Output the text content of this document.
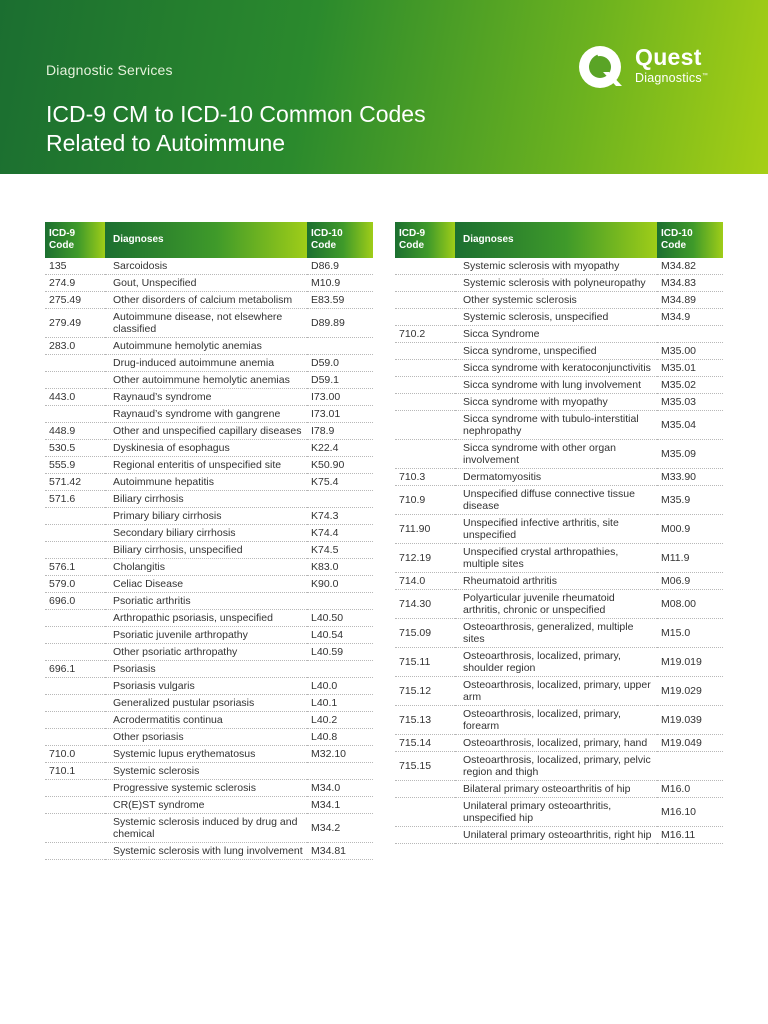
Diagnostic Services
ICD-9 CM to ICD-10 Common Codes
Related to Autoimmune
Quest
Diagnostics™
ICD-9
Code	Diagnoses	ICD-10
Code
135	Sarcoidosis	D86.9
274.9	Gout, Unspecified	M10.9
275.49	Other disorders of calcium metabolism	E83.59
279.49	Autoimmune disease, not elsewhere classified	D89.89
283.0	Autoimmune hemolytic anemias	
	Drug-induced autoimmune anemia	D59.0
	Other autoimmune hemolytic anemias	D59.1
443.0	Raynaud’s syndrome	I73.00
	Raynaud’s syndrome with gangrene	I73.01
448.9	Other and unspecified capillary diseases	I78.9
530.5	Dyskinesia of esophagus	K22.4
555.9	Regional enteritis of unspecified site	K50.90
571.42	Autoimmune hepatitis	K75.4
571.6	Biliary cirrhosis	
	Primary biliary cirrhosis	K74.3
	Secondary biliary cirrhosis	K74.4
	Biliary cirrhosis, unspecified	K74.5
576.1	Cholangitis	K83.0
579.0	Celiac Disease	K90.0
696.0	Psoriatic arthritis	
	Arthropathic psoriasis, unspecified	L40.50
	Psoriatic juvenile arthropathy	L40.54
	Other psoriatic arthropathy	L40.59
696.1	Psoriasis	
	Psoriasis vulgaris	L40.0
	Generalized pustular psoriasis	L40.1
	Acrodermatitis continua	L40.2
	Other psoriasis	L40.8
710.0	Systemic lupus erythematosus	M32.10
710.1	Systemic sclerosis	
	Progressive systemic sclerosis	M34.0
	CR(E)ST syndrome	M34.1
	Systemic sclerosis induced by drug and chemical	M34.2
	Systemic sclerosis with lung involvement	M34.81
ICD-9
Code	Diagnoses	ICD-10
Code
	Systemic sclerosis with myopathy	M34.82
	Systemic sclerosis with polyneuropathy	M34.83
	Other systemic sclerosis	M34.89
	Systemic sclerosis, unspecified	M34.9
710.2	Sicca Syndrome	
	Sicca syndrome, unspecified	M35.00
	Sicca syndrome with keratoconjunctivitis	M35.01
	Sicca syndrome with lung involvement	M35.02
	Sicca syndrome with myopathy	M35.03
	Sicca syndrome with tubulo-interstitial nephropathy	M35.04
	Sicca syndrome with other organ involvement	M35.09
710.3	Dermatomyositis	M33.90
710.9	Unspecified diffuse connective tissue disease	M35.9
711.90	Unspecified infective arthritis, site unspecified	M00.9
712.19	Unspecified crystal arthropathies, multiple sites	M11.9
714.0	Rheumatoid arthritis	M06.9
714.30	Polyarticular juvenile rheumatoid arthritis, chronic or unspecified	M08.00
715.09	Osteoarthrosis, generalized, multiple sites	M15.0
715.11	Osteoarthrosis, localized, primary, shoulder region	M19.019
715.12	Osteoarthrosis, localized, primary, upper arm	M19.029
715.13	Osteoarthrosis, localized, primary, forearm	M19.039
715.14	Osteoarthrosis, localized, primary, hand	M19.049
715.15	Osteoarthrosis, localized, primary, pelvic region and thigh	
	Bilateral primary osteoarthritis of hip	M16.0
	Unilateral primary osteoarthritis, unspecified hip	M16.10
	Unilateral primary osteoarthritis, right hip	M16.11
